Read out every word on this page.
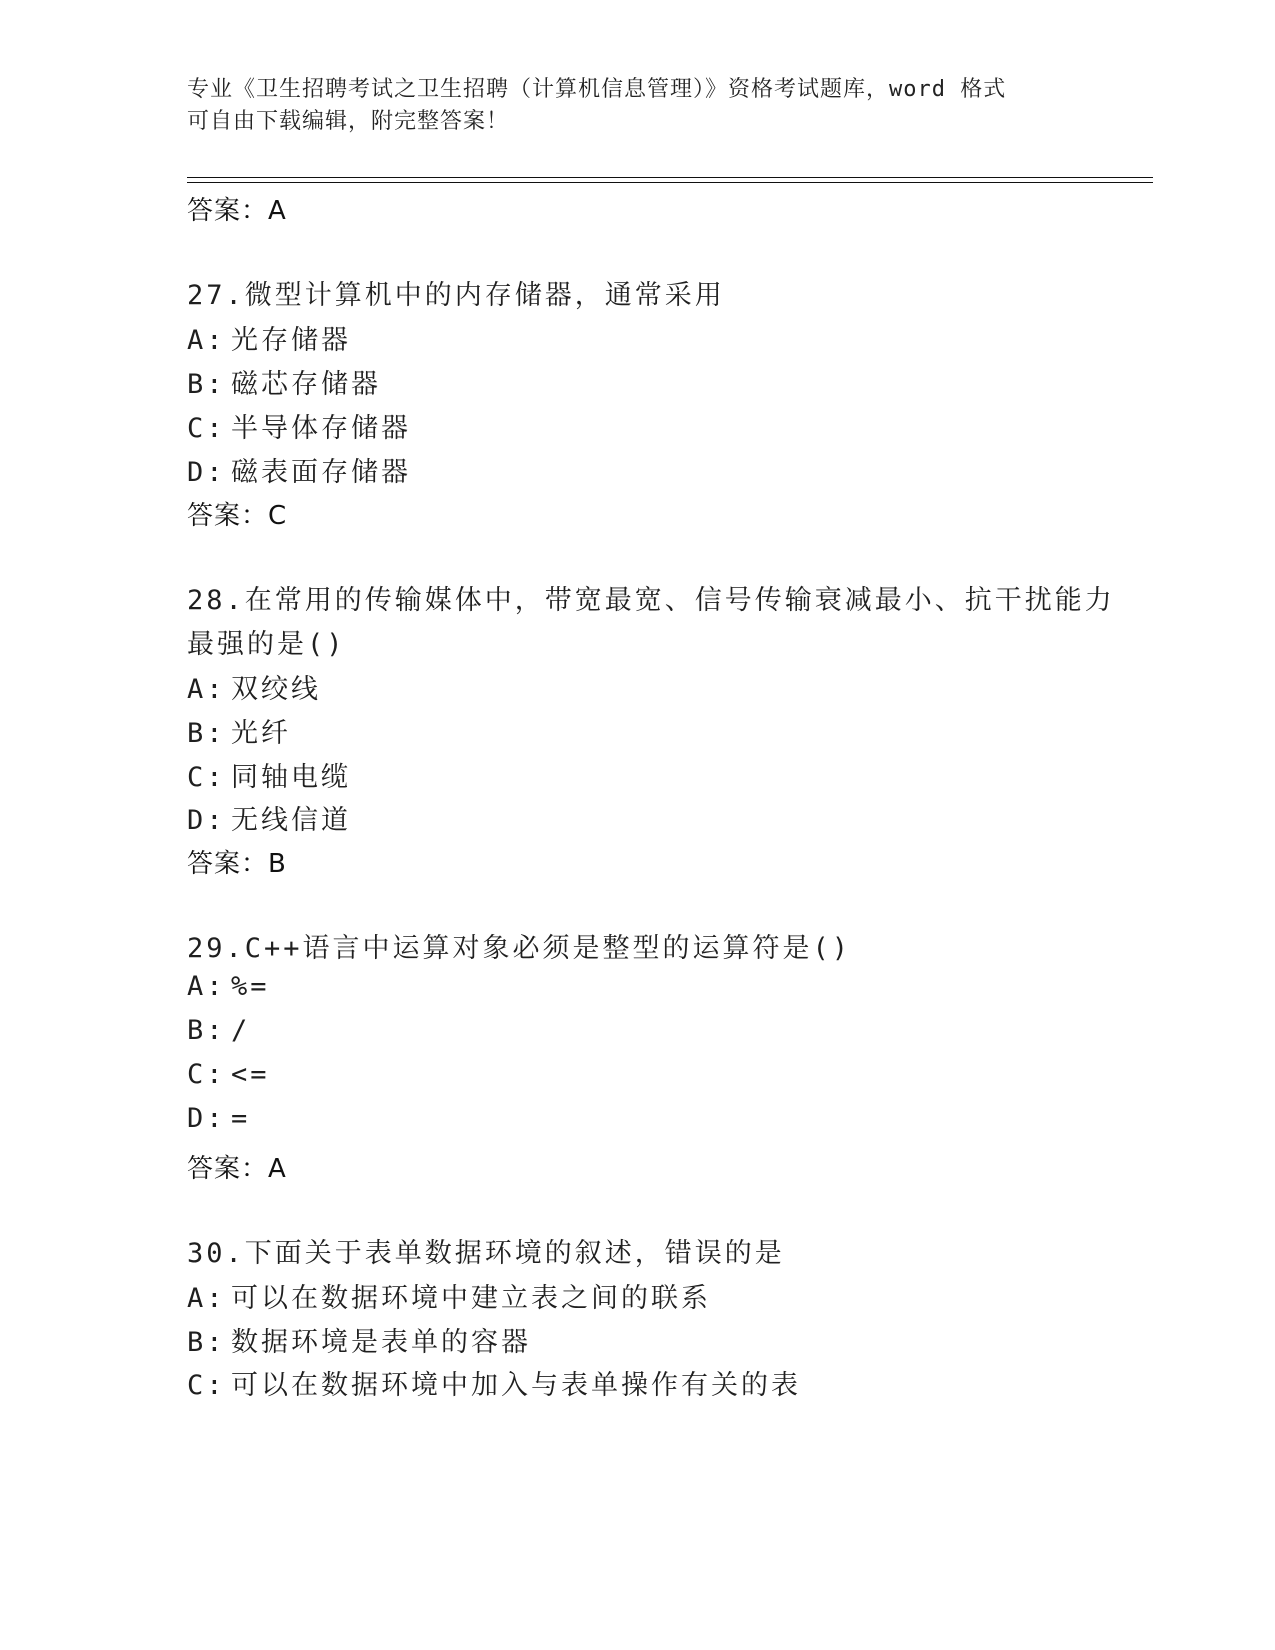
专业《卫生招聘考试之卫生招聘（计算机信息管理）》资格考试题库，word 格式
可自由下载编辑，附完整答案！
答案：A
27.微型计算机中的内存储器，通常采用
A: 光存储器
B: 磁芯存储器
C: 半导体存储器
D: 磁表面存储器
答案：C
28.在常用的传输媒体中，带宽最宽、信号传输衰减最小、抗干扰能力
最强的是()
A: 双绞线
B: 光纤
C: 同轴电缆
D: 无线信道
答案：B
29.C++语言中运算对象必须是整型的运算符是()
A: %=
B: /
C: <=
D: =
答案：A
30.下面关于表单数据环境的叙述，错误的是
A: 可以在数据环境中建立表之间的联系
B: 数据环境是表单的容器
C: 可以在数据环境中加入与表单操作有关的表
